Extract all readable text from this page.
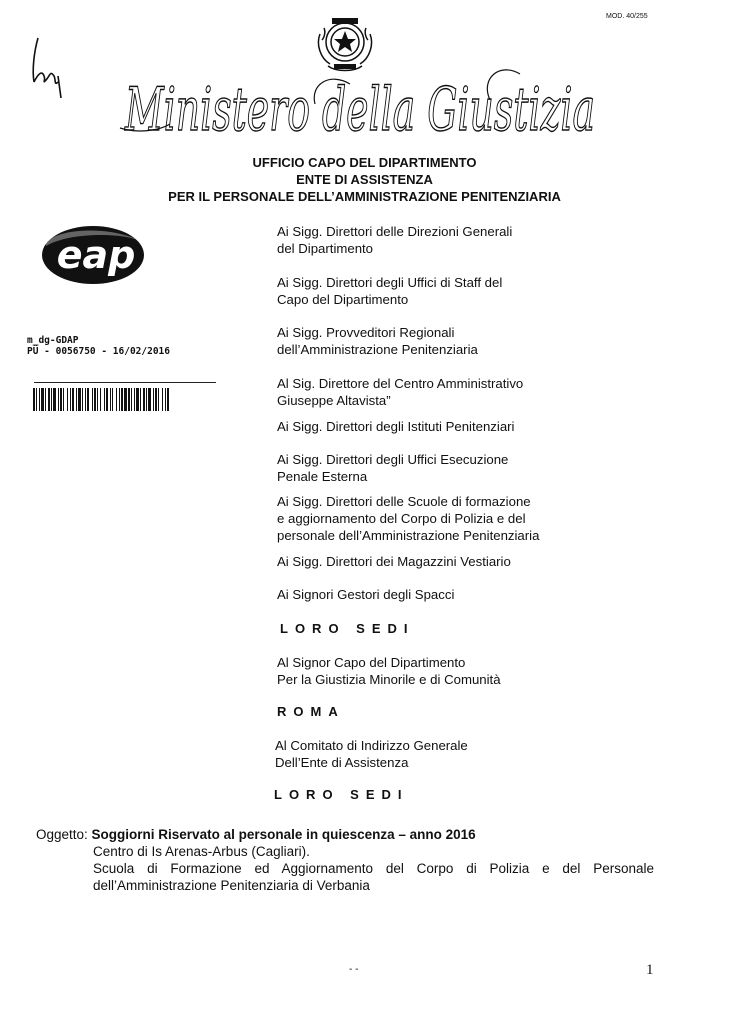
MOD. 40/255
Ministero della Giustizia
UFFICIO CAPO DEL DIPARTIMENTO
ENTE DI ASSISTENZA
PER IL PERSONALE DELL’AMMINISTRAZIONE PENITENZIARIA
eap
m_dg-GDAP
PÜ - 0056750 - 16/02/2016
Ai Sigg. Direttori delle Direzioni Generali
del Dipartimento
Ai Sigg. Direttori degli Uffici di Staff del
Capo del Dipartimento
Ai Sigg. Provveditori Regionali
dell’Amministrazione Penitenziaria
Al Sig. Direttore del Centro Amministrativo
Giuseppe Altavista”
Ai Sigg. Direttori degli Istituti Penitenziari
Ai Sigg. Direttori degli Uffici Esecuzione
Penale Esterna
Ai Sigg. Direttori delle Scuole di formazione
e aggiornamento del Corpo di Polizia e del
personale dell’Amministrazione Penitenziaria
Ai Sigg. Direttori dei Magazzini Vestiario
Ai Signori Gestori degli Spacci
LORO SEDI
Al Signor Capo del Dipartimento
Per la Giustizia Minorile e di Comunità
ROMA
Al Comitato di Indirizzo Generale
Dell’Ente di Assistenza
LORO SEDI
Oggetto: Soggiorni Riservato al personale in quiescenza – anno 2016
Centro di Is Arenas-Arbus (Cagliari).
Scuola di Formazione ed Aggiornamento del Corpo di Polizia e del Personale
dell’Amministrazione Penitenziaria di Verbania
- -	1
